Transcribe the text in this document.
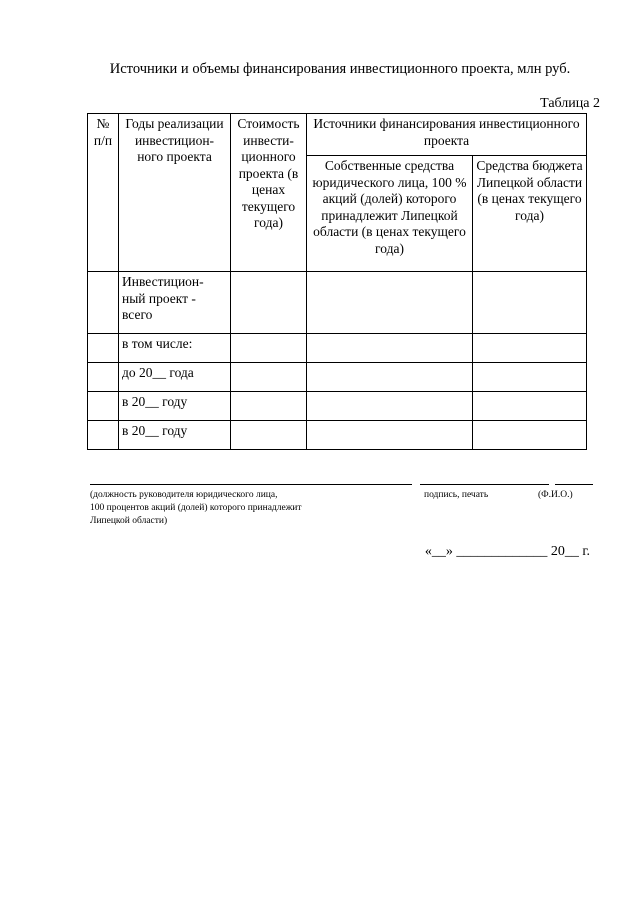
Источники и объемы финансирования инвестиционного проекта, млн руб.
Таблица 2
№ п/п	Годы реализации инвестицион-ного проекта	Стоимость инвести-ционного проекта (в ценах текущего года)	Источники финансирования инвестиционного проекта	
			Собственные средства юридического лица, 100 % акций (долей) которого принадлежит Липецкой области (в ценах текущего года)	Средства бюджета Липецкой области (в ценах текущего года)
	Инвестицион-ный проект - всего			
	в том числе:			
	до 20__ года			
	в 20__ году			
	в 20__ году			
(должность руководителя юридического лица,
100 процентов акций (долей) которого принадлежит
Липецкой области)
подпись, печать	(Ф.И.О.)
«__» _____________ 20__ г.
